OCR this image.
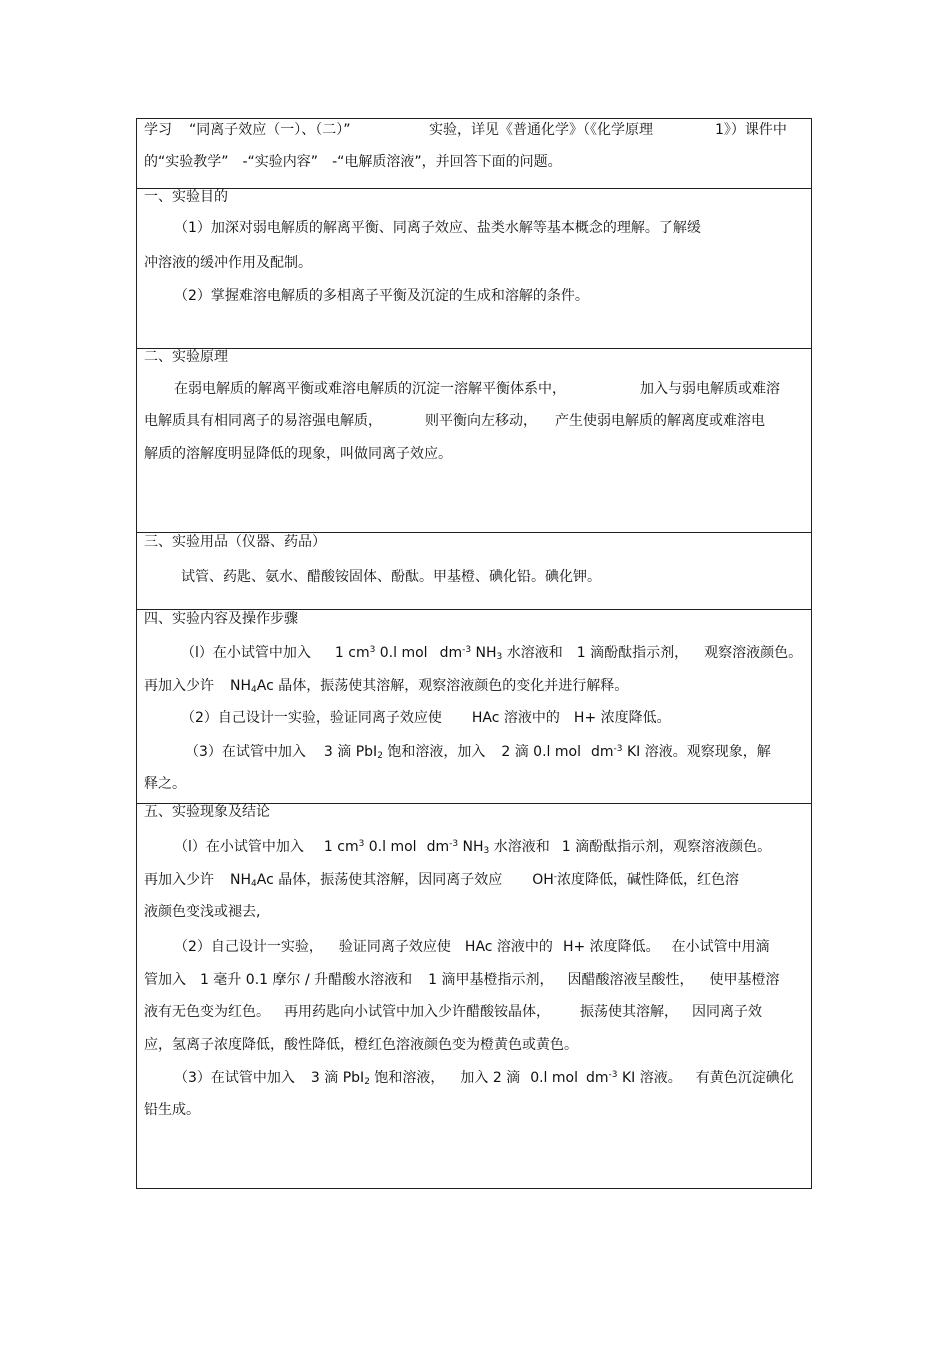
学习 “同离子效应（一）、（二）”	实验，详见《普通化学》（《化学原理	1》）课件中
的“实验教学”　-“实验内容”　-“电解质溶液”，并回答下面的问题。
一、实验目的
（1）加深对弱电解质的解离平衡、同离子效应、盐类水解等基本概念的理解。了解缓
冲溶液的缓冲作用及配制。
（2）掌握难溶电解质的多相离子平衡及沉淀的生成和溶解的条件。
二、实验原理
在弱电解质的解离平衡或难溶电解质的沉淀一溶解平衡体系中，	加入与弱电解质或难溶
电解质具有相同离子的易溶强电解质，	则平衡向左移动， 产生使弱电解质的解离度或难溶电
解质的溶解度明显降低的现象，叫做同离子效应。
三、实验用品（仪器、药品）
试管、药匙、氨水、醋酸铵固体、酚酞。甲基橙、碘化铅。碘化钾。
四、实验内容及操作步骤
（l）在小试管中加入 1 $cm^3$ 0.l mol $dm^{-3}$ $NH_3$ 水溶液和 1 滴酚酞指示剂， 观察溶液颜色。
再加入少许 $NH_4Ac$ 晶体，振荡使其溶解，观察溶液颜色的变化并进行解释。
（2）自己设计一实验，验证同离子效应使 HAc 溶液中的 H+ 浓度降低。
（3）在试管中加入 3 滴 PbI$_2$ 饱和溶液，加入 2 滴 0.l mol $dm^{-3}$ KI 溶液。观察现象，解
释之。
五、实验现象及结论
（l）在小试管中加入 1 $cm^3$ 0.l mol $dm^{-3}$ $NH_3$ 水溶液和 1 滴酚酞指示剂，观察溶液颜色。
再加入少许 $NH_4Ac$ 晶体，振荡使其溶解，因同离子效应 OH-浓度降低，碱性降低，红色溶
液颜色变浅或褪去,
（2）自己设计一实验， 验证同离子效应使 HAc 溶液中的 H+ 浓度降低。 在小试管中用滴
管加入 1 毫升 0.1 摩尔 / 升醋酸水溶液和 1 滴甲基橙指示剂， 因醋酸溶液呈酸性， 使甲基橙溶
液有无色变为红色。 再用药匙向小试管中加入少许醋酸铵晶体， 振荡使其溶解， 因同离子效
应，氢离子浓度降低，酸性降低，橙红色溶液颜色变为橙黄色或黄色。
（3）在试管中加入 3 滴 PbI$_2$ 饱和溶液， 加入 2 滴 0.l mol $dm^{-3}$ KI 溶液。 有黄色沉淀碘化
铅生成。
